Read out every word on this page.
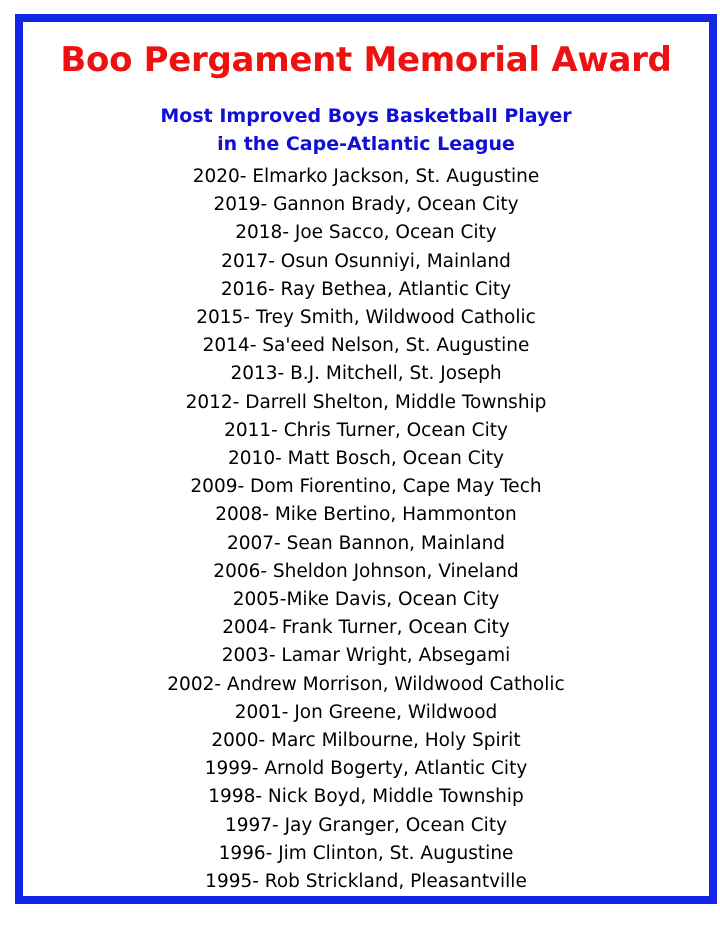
Boo Pergament Memorial Award
Most Improved Boys Basketball Player
in the Cape-Atlantic League
2020- Elmarko Jackson, St. Augustine
2019- Gannon Brady, Ocean City
2018- Joe Sacco, Ocean City
2017- Osun Osunniyi, Mainland
2016- Ray Bethea, Atlantic City
2015- Trey Smith, Wildwood Catholic
2014- Sa'eed Nelson, St. Augustine
2013- B.J. Mitchell, St. Joseph
2012- Darrell Shelton, Middle Township
2011- Chris Turner, Ocean City
2010- Matt Bosch, Ocean City
2009- Dom Fiorentino, Cape May Tech
2008- Mike Bertino, Hammonton
2007- Sean Bannon, Mainland
2006- Sheldon Johnson, Vineland
2005-Mike Davis, Ocean City
2004- Frank Turner, Ocean City
2003- Lamar Wright, Absegami
2002- Andrew Morrison, Wildwood Catholic
2001- Jon Greene, Wildwood
2000- Marc Milbourne, Holy Spirit
1999- Arnold Bogerty, Atlantic City
1998- Nick Boyd, Middle Township
1997- Jay Granger, Ocean City
1996- Jim Clinton, St. Augustine
1995- Rob Strickland, Pleasantville
